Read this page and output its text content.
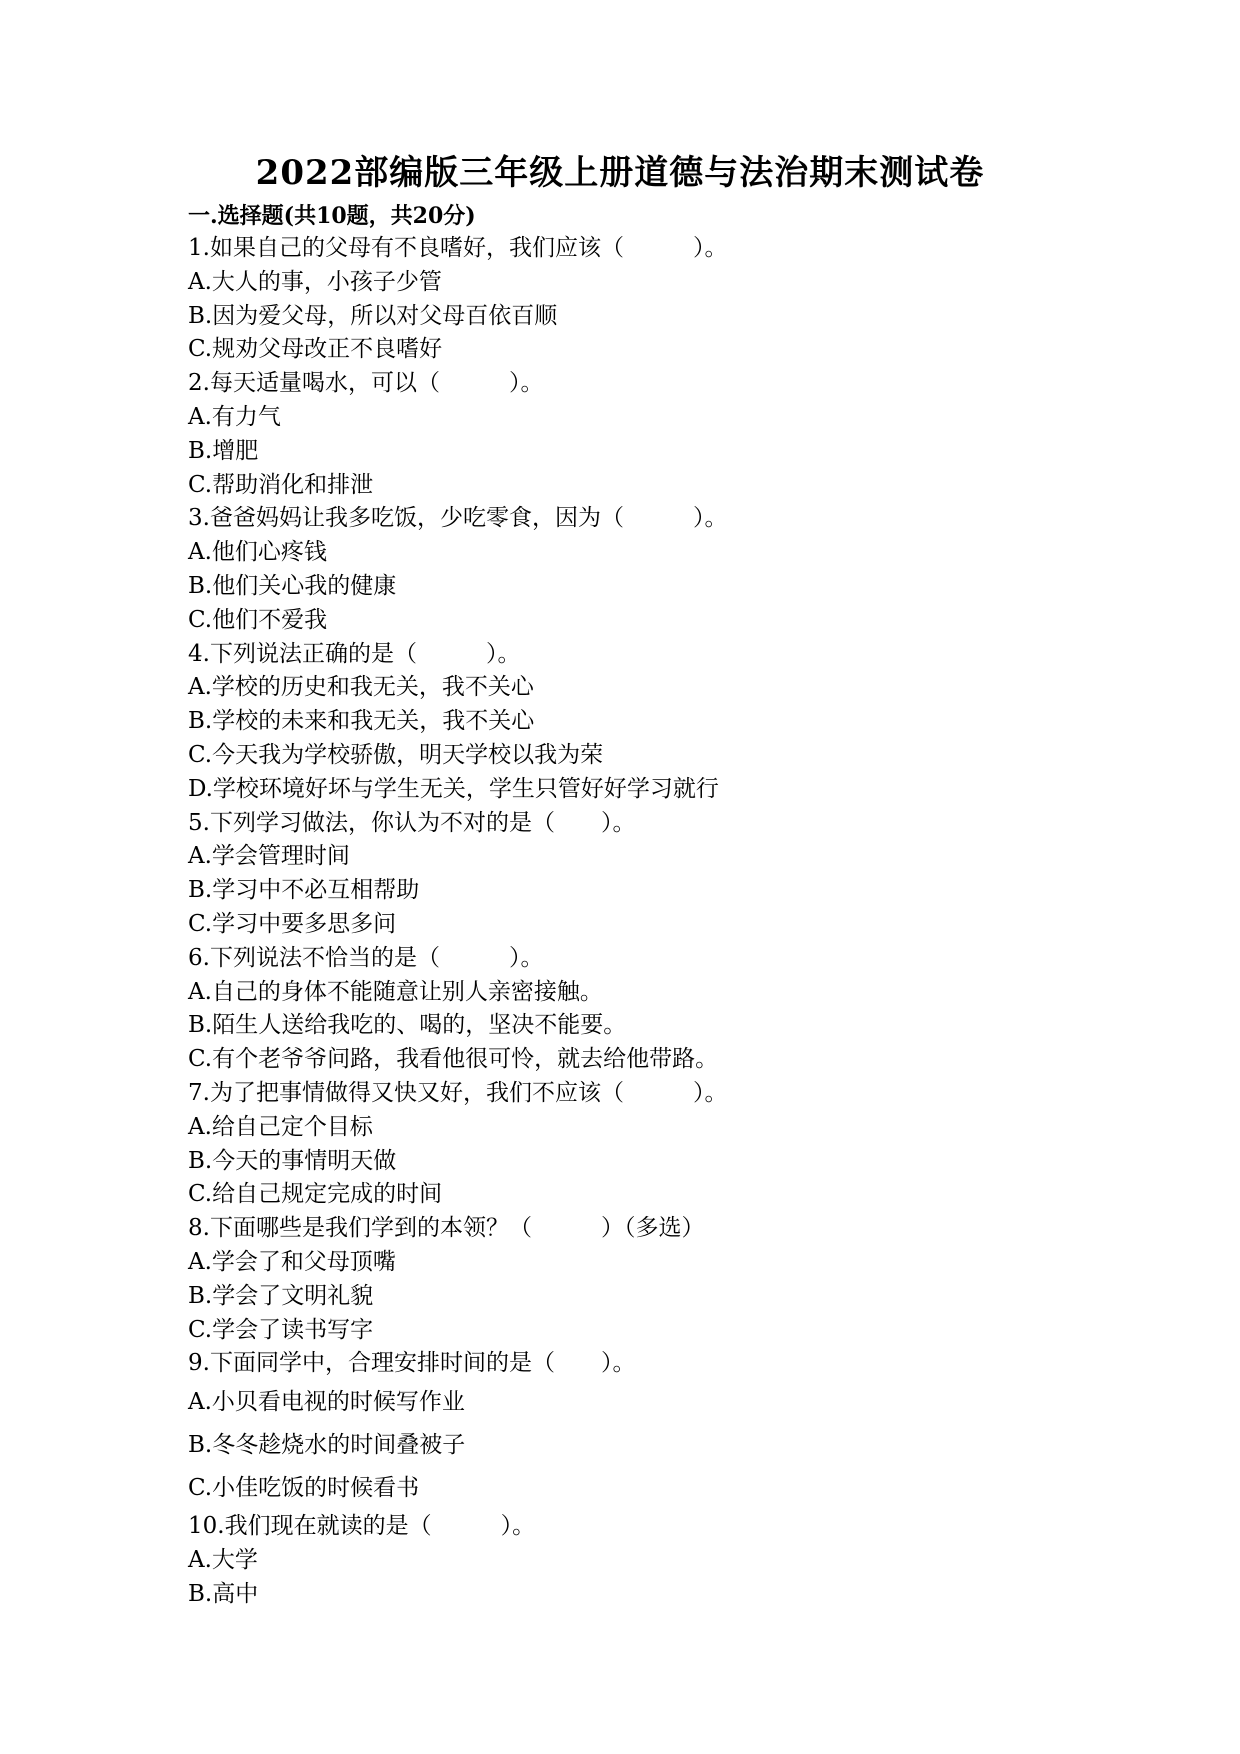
2022部编版三年级上册道德与法治期末测试卷
一.选择题(共10题，共20分)
1.如果自己的父母有不良嗜好，我们应该（　　　）。
A.大人的事，小孩子少管
B.因为爱父母，所以对父母百依百顺
C.规劝父母改正不良嗜好
2.每天适量喝水，可以（　　　）。
A.有力气
B.增肥
C.帮助消化和排泄
3.爸爸妈妈让我多吃饭，少吃零食，因为（　　　）。
A.他们心疼钱
B.他们关心我的健康
C.他们不爱我
4.下列说法正确的是（　　　）。
A.学校的历史和我无关，我不关心
B.学校的未来和我无关，我不关心
C.今天我为学校骄傲，明天学校以我为荣
D.学校环境好坏与学生无关，学生只管好好学习就行
5.下列学习做法，你认为不对的是（　　）。
A.学会管理时间
B.学习中不必互相帮助
C.学习中要多思多问
6.下列说法不恰当的是（　　　）。
A.自己的身体不能随意让别人亲密接触。
B.陌生人送给我吃的、喝的，坚决不能要。
C.有个老爷爷问路，我看他很可怜，就去给他带路。
7.为了把事情做得又快又好，我们不应该（　　　）。
A.给自己定个目标
B.今天的事情明天做
C.给自己规定完成的时间
8.下面哪些是我们学到的本领？（　　　）（多选）
A.学会了和父母顶嘴
B.学会了文明礼貌
C.学会了读书写字
9.下面同学中，合理安排时间的是（　　）。
A.小贝看电视的时候写作业
B.冬冬趁烧水的时间叠被子
C.小佳吃饭的时候看书
10.我们现在就读的是（　　　）。
A.大学
B.高中
